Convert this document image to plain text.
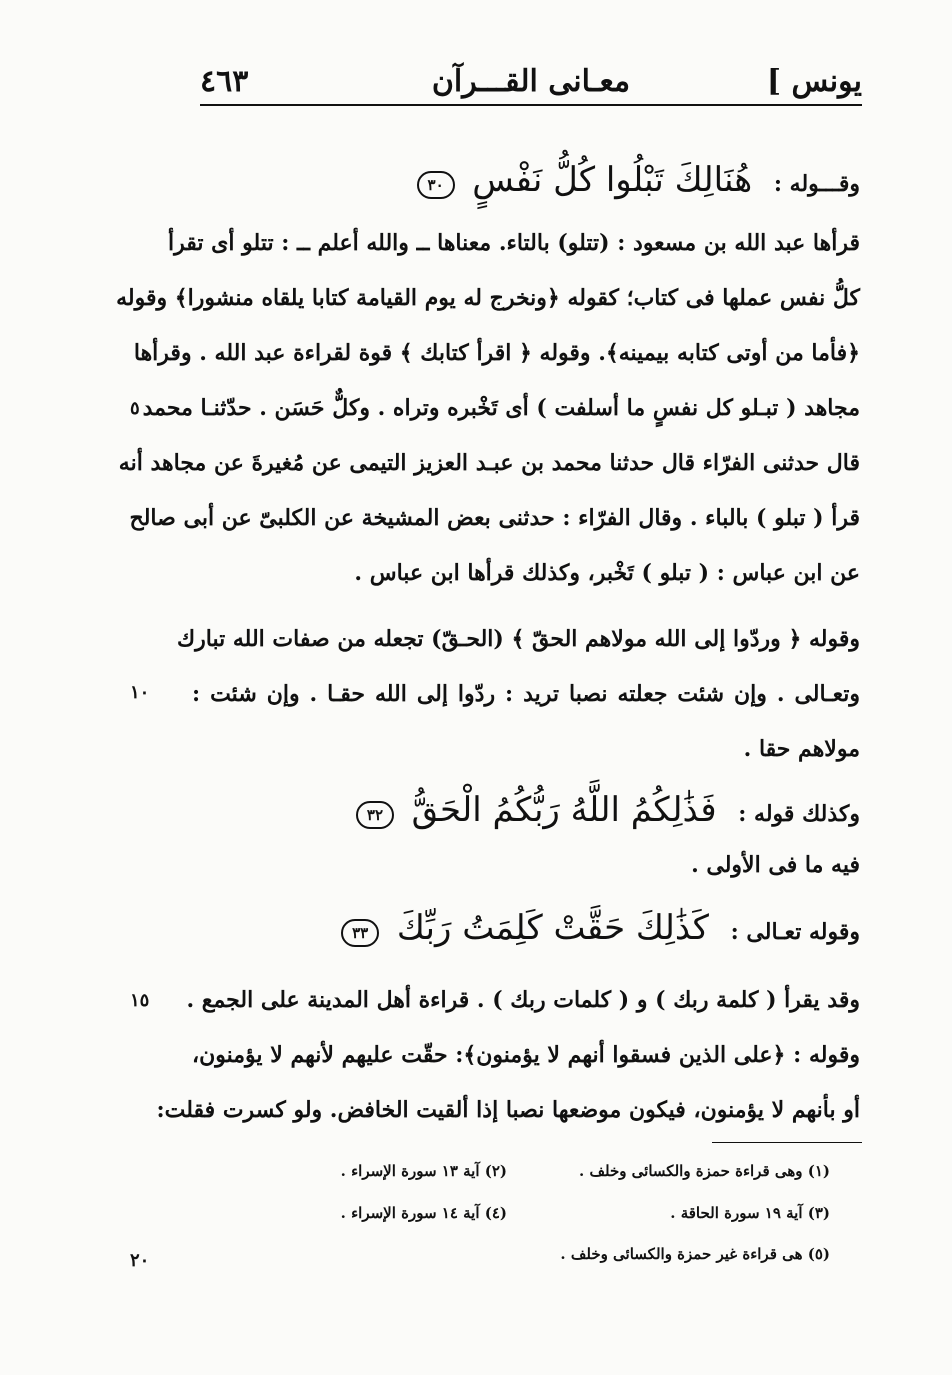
يونس ]
معـانى القـــرآن
٤٦٣
وقـــوله : هُنَالِكَ تَبْلُوا كُلُّ نَفْسٍ ٣٠
قرأها عبد الله بن مسعود : (تتلو) بالتاء. معناها ــ والله أعلم ــ : تتلو أى تقرأ
كلُّ نفس عملها فى كتاب؛ كقوله ﴿ونخرج له يوم القيامة كتابا يلقاه منشورا﴾ وقوله
﴿فأما من أوتى كتابه بيمينه﴾. وقوله ﴿ اقرأ كتابك ﴾ قوة لقراءة عبد الله . وقرأها
مجاهد ( تبـلو كل نفسٍ ما أسلفت ) أى تَخْبره وتراه . وكلٌّ حَسَن . حدّثنـا محمد
قال حدثنى الفرّاء قال حدثنا محمد بن عبـد العزيز التيمى عن مُغيرةَ عن مجاهد أنه
قرأ ( تبلو ) بالباء . وقال الفرّاء : حدثنى بعض المشيخة عن الكلبىّ عن أبى صالح
عن ابن عباس : ( تبلو ) تَخْبر، وكذلك قرأها ابن عباس .
وقوله ﴿ وردّوا إلى الله مولاهم الحقّ ﴾ (الحـقّ) تجعله من صفات الله تبارك
وتعـالى . وإن شئت جعلته نصبا تريد : ردّوا إلى الله حقـا . وإن شئت :
مولاهم حقا .
وكذلك قوله : فَذَٰلِكُمُ اللَّهُ رَبُّكُمُ الْحَقُّ ٣٢
فيه ما فى الأولى .
وقوله تعـالى : كَذَٰلِكَ حَقَّتْ كَلِمَتُ رَبِّكَ ٣٣
وقد يقرأ ( كلمة ربك ) و ( كلمات ربك ) . قراءة أهل المدينة على الجمع .
وقوله : ﴿على الذين فسقوا أنهم لا يؤمنون﴾: حقّت عليهم لأنهم لا يؤمنون،
أو بأنهم لا يؤمنون، فيكون موضعها نصبا إذا ألقيت الخافض. ولو كسرت فقلت:
٥
١٠
١٥
٢٠
(١) وهى قراءة حمزة والكسائى وخلف .
(٢) آية ١٣ سورة الإسراء .
(٣) آية ١٩ سورة الحاقة .
(٤) آية ١٤ سورة الإسراء .
(٥) هى قراءة غير حمزة والكسائى وخلف .
